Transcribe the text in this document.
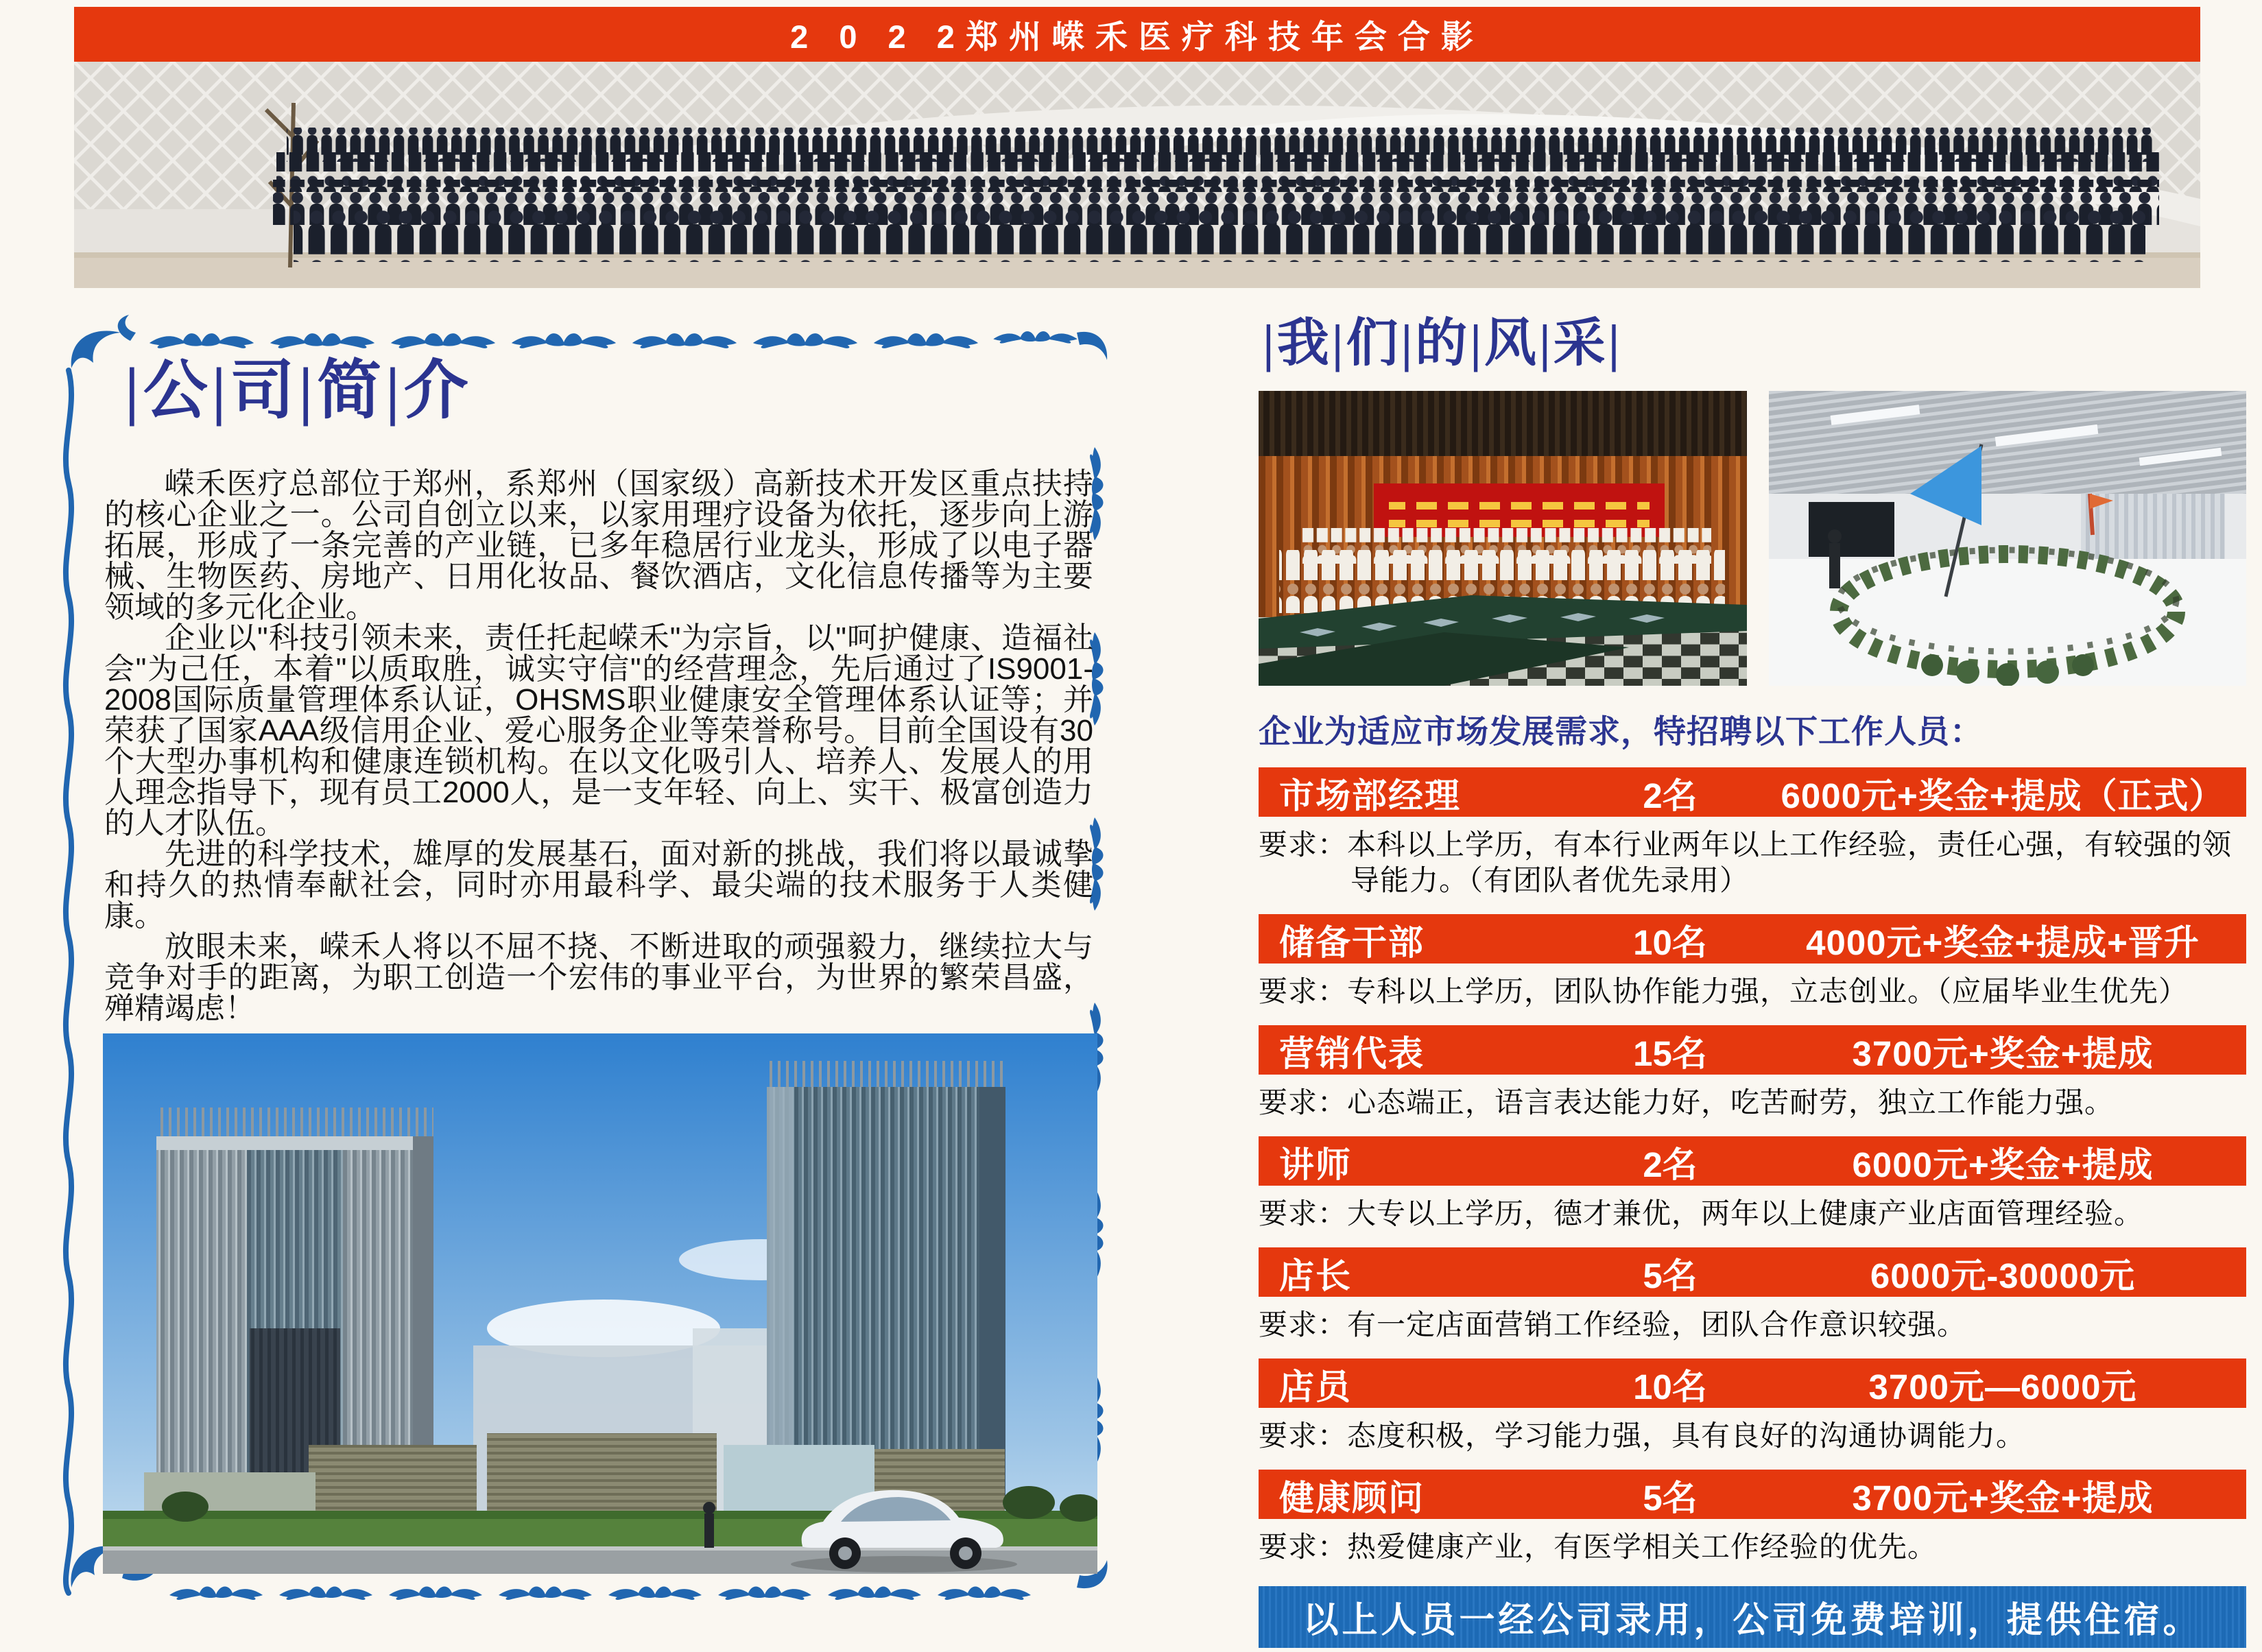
2 0 2 2郑州嵘禾医疗科技年会合影
|公|司|简|介

嵘禾医疗总部位于郑州，系郑州（国家级）高新技术开发区重点扶持的核心企业之一。公司自创立以来，以家用理疗设备为依托，逐步向上游拓展，形成了一条完善的产业链，已多年稳居行业龙头，形成了以电子器械、生物医药、房地产、日用化妆品、餐饮酒店，文化信息传播等为主要领域的多元化企业。

企业以"科技引领未来，责任托起嵘禾"为宗旨，以"呵护健康、造福社会"为己任，本着"以质取胜，诚实守信"的经营理念，先后通过了IS9001-2008国际质量管理体系认证，OHSMS职业健康安全管理体系认证等；并荣获了国家AAA级信用企业、爱心服务企业等荣誉称号。目前全国设有30个大型办事机构和健康连锁机构。在以文化吸引人、培养人、发展人的用人理念指导下，现有员工2000人，是一支年轻、向上、实干、极富创造力的人才队伍。

先进的科学技术，雄厚的发展基石，面对新的挑战，我们将以最诚挚和持久的热情奉献社会，同时亦用最科学、最尖端的技术服务于人类健康。

放眼未来，嵘禾人将以不屈不挠、不断进取的顽强毅力，继续拉大与竞争对手的距离，为职工创造一个宏伟的事业平台，为世界的繁荣昌盛，殚精竭虑！

|我|们|的|风|采|

企业为适应市场发展需求，特招聘以下工作人员：

市场部经理	2名	6000元+奖金+提成（正式）

要求：本科以上学历，有本行业两年以上工作经验，责任心强，有较强的领导能力。（有团队者优先录用）

储备干部	10名	4000元+奖金+提成+晋升

要求：专科以上学历，团队协作能力强，立志创业。（应届毕业生优先）

营销代表	15名	3700元+奖金+提成

要求：心态端正，语言表达能力好，吃苦耐劳，独立工作能力强。

讲师	2名	6000元+奖金+提成

要求：大专以上学历，德才兼优，两年以上健康产业店面管理经验。

店长	5名	6000元-30000元

要求：有一定店面营销工作经验，团队合作意识较强。

店员	10名	3700元—6000元

要求：态度积极，学习能力强，具有良好的沟通协调能力。

健康顾问	5名	3700元+奖金+提成

要求：热爱健康产业，有医学相关工作经验的优先。

以上人员一经公司录用，公司免费培训，提供住宿。
